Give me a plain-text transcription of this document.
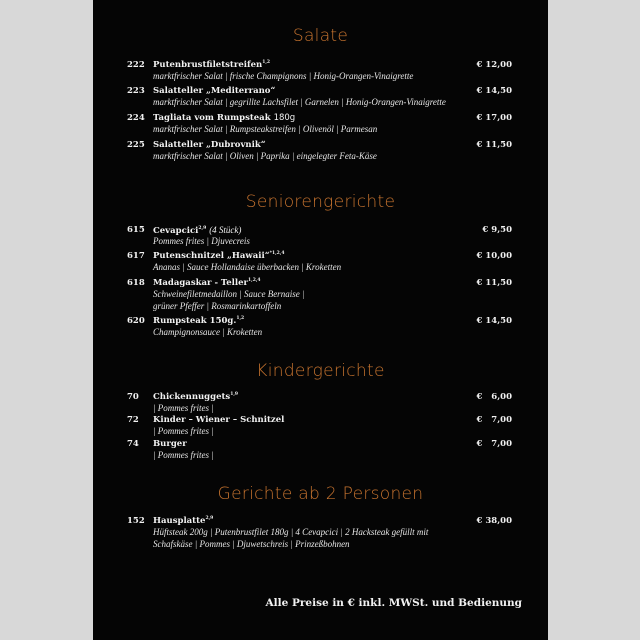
Alle Preise in € inkl. MWSt. und Bedienung
Salate
222 Putenbrustfiletstreifen$^{1,2}$	€ 12,00
marktfrischer Salat | frische Champignons | Honig-Orangen-Vinaigrette
223 Salatteller „Mediterrano“	€ 14,50
marktfrischer Salat | gegrillte Lachsfilet | Garnelen | Honig-Orangen-Vinaigrette
224 Tagliata vom Rumpsteak 180g	€ 17,00
marktfrischer Salat | Rumpsteakstreifen | Olivenöl | Parmesan
225 Salatteller „Dubrovnik“	€ 11,50
marktfrischer Salat | Oliven | Paprika | eingelegter Feta-Käse
Seniorengerichte
615 Cevapcici$^{2,9}$ (4 Stück)	€ 9,50
Pommes frites | Djuvecreis
617 Putenschnitzel „Hawaii“$^{*1,2,4}$	€ 10,00
Ananas | Sauce Hollandaise überbacken | Kroketten
618 Madagaskar - Teller$^{1,2,4}$	€ 11,50
Schweinefiletmedaillon | Sauce Bernaise |
grüner Pfeffer | Rosmarinkartoffeln
620 Rumpsteak 150g.$^{1,2}$	€ 14,50
Champignonsauce | Kroketten
Kindergerichte
70 Chickennuggets$^{1,9}$	€   6,00
| Pommes frites |
72 Kinder – Wiener – Schnitzel	€   7,00
| Pommes frites |
74 Burger	€   7,00
| Pommes frites |
Gerichte ab 2 Personen
152 Hausplatte$^{2,9}$	€ 38,00
Hüftsteak 200g | Putenbrustfilet 180g | 4 Cevapcici | 2 Hacksteak gefüllt mit
Schafskäse | Pommes | Djuwetschreis | Prinzeßbohnen
